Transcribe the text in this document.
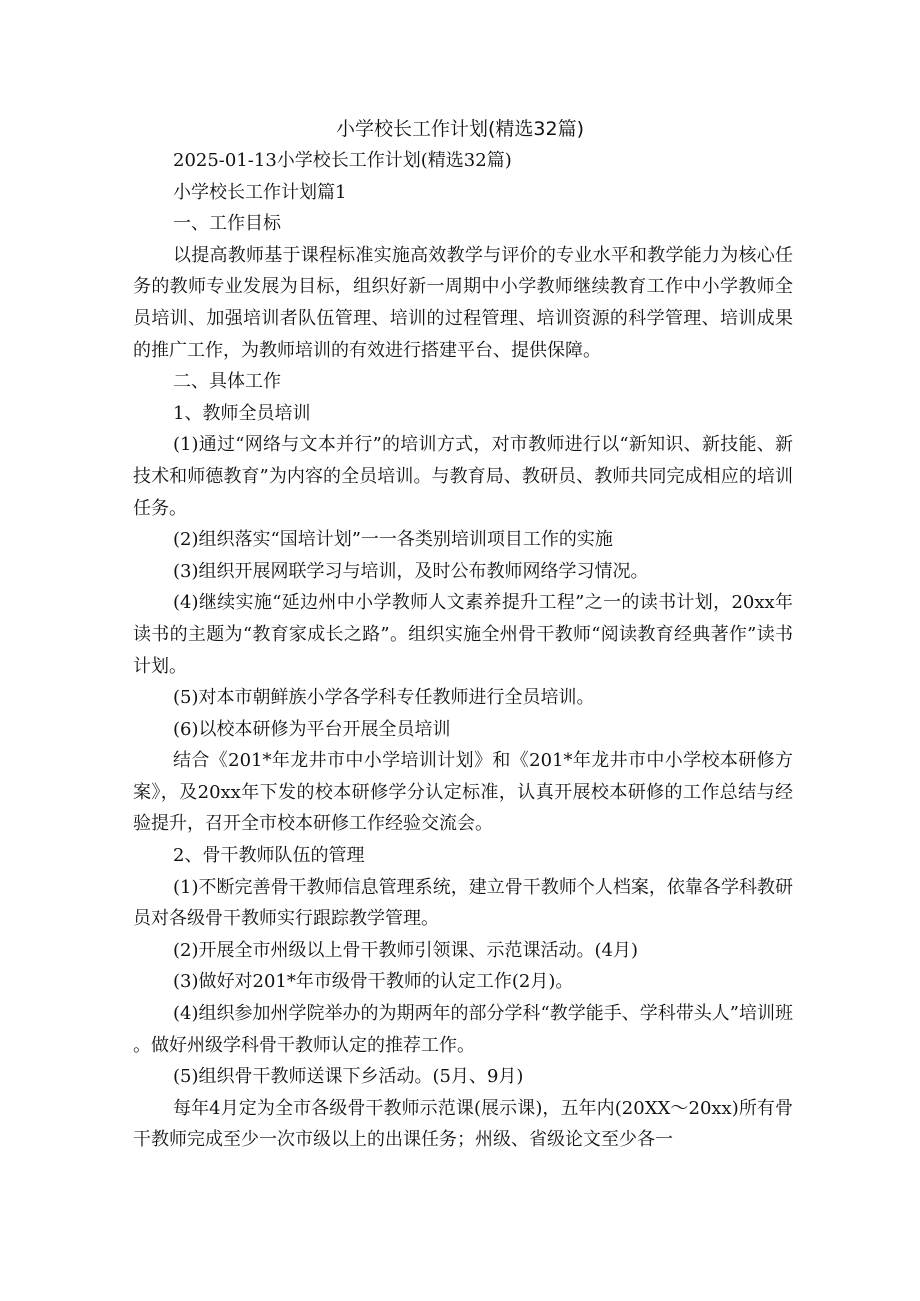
小学校长工作计划(精选32篇)

2025-01-13小学校长工作计划(精选32篇)

小学校长工作计划篇1

一、工作目标

以提高教师基于课程标准实施高效教学与评价的专业水平和教学能力为核心任务的教师专业发展为目标，组织好新一周期中小学教师继续教育工作中小学教师全员培训、加强培训者队伍管理、培训的过程管理、培训资源的科学管理、培训成果的推广工作，为教师培训的有效进行搭建平台、提供保障。

二、具体工作

1、教师全员培训

(1)通过“网络与文本并行”的培训方式，对市教师进行以“新知识、新技能、新技术和师德教育”为内容的全员培训。与教育局、教研员、教师共同完成相应的培训任务。

(2)组织落实“国培计划”一一各类别培训项目工作的实施

(3)组织开展网联学习与培训，及时公布教师网络学习情况。

(4)继续实施“延边州中小学教师人文素养提升工程”之一的读书计划，20xx年读书的主题为“教育家成长之路”。组织实施全州骨干教师“阅读教育经典著作”读书计划。

(5)对本市朝鲜族小学各学科专任教师进行全员培训。

(6)以校本研修为平台开展全员培训

结合《201*年龙井市中小学培训计划》和《201*年龙井市中小学校本研修方案》，及20xx年下发的校本研修学分认定标准，认真开展校本研修的工作总结与经验提升，召开全市校本研修工作经验交流会。

2、骨干教师队伍的管理

(1)不断完善骨干教师信息管理系统，建立骨干教师个人档案，依靠各学科教研员对各级骨干教师实行跟踪教学管理。

(2)开展全市州级以上骨干教师引领课、示范课活动。(4月)

(3)做好对201*年市级骨干教师的认定工作(2月)。

(4)组织参加州学院举办的为期两年的部分学科“教学能手、学科带头人”培训班。做好州级学科骨干教师认定的推荐工作。

(5)组织骨干教师送课下乡活动。(5月、9月)

每年4月定为全市各级骨干教师示范课(展示课)，五年内(20XX～20xx)所有骨干教师完成至少一次市级以上的出课任务；州级、省级论文至少各一
